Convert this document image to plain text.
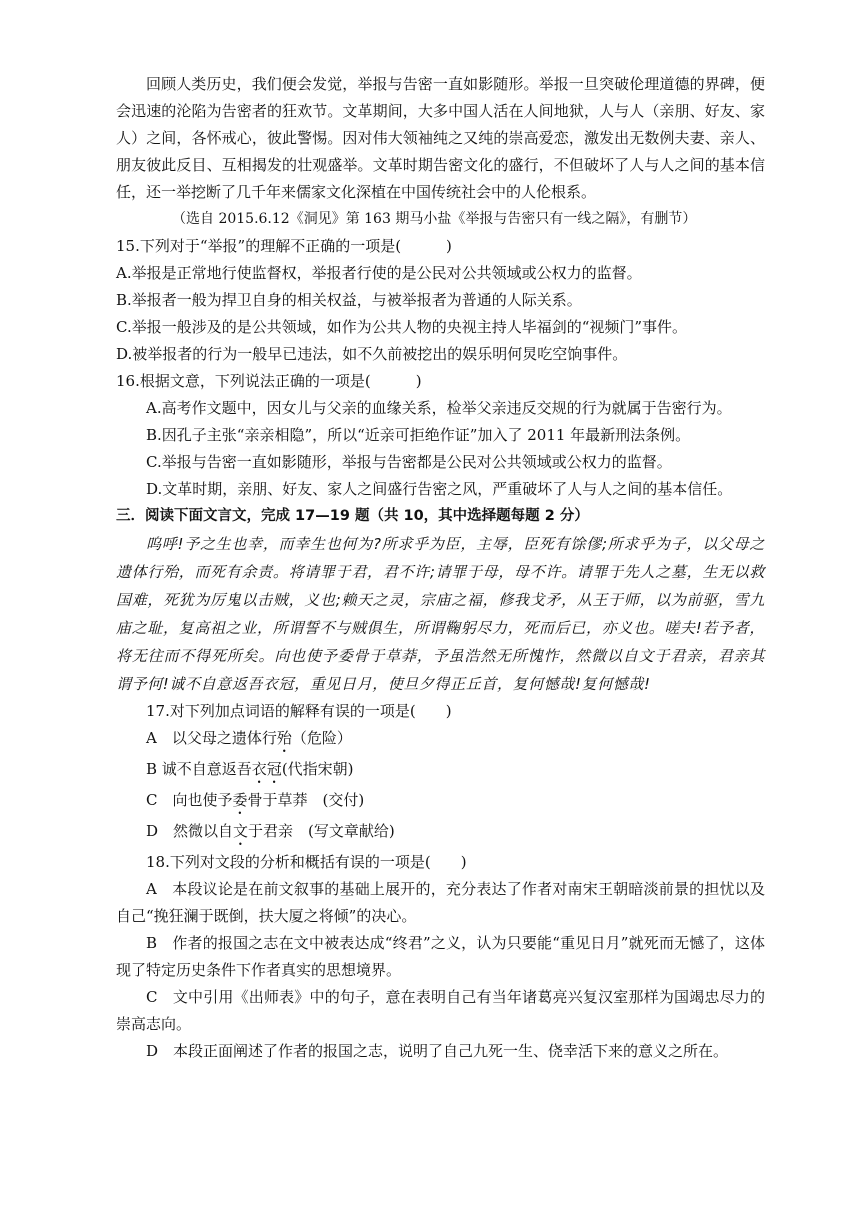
回顾人类历史，我们便会发觉，举报与告密一直如影随形。举报一旦突破伦理道德的界碑，便会迅速的沦陷为告密者的狂欢节。文革期间，大多中国人活在人间地狱，人与人（亲朋、好友、家人）之间，各怀戒心，彼此警惕。因对伟大领袖纯之又纯的崇高爱恋，激发出无数例夫妻、亲人、朋友彼此反目、互相揭发的壮观盛举。文革时期告密文化的盛行，不但破坏了人与人之间的基本信任，还一举挖断了几千年来儒家文化深植在中国传统社会中的人伦根系。

（选自 2015.6.12《洞见》第 163 期马小盐《举报与告密只有一线之隔》，有删节）

15.下列对于“举报”的理解不正确的一项是(　　　)

A.举报是正常地行使监督权，举报者行使的是公民对公共领域或公权力的监督。

B.举报者一般为捍卫自身的相关权益，与被举报者为普通的人际关系。

C.举报一般涉及的是公共领域，如作为公共人物的央视主持人毕福剑的“视频门”事件。

D.被举报者的行为一般早已违法，如不久前被挖出的娱乐明何炅吃空饷事件。

16.根据文意，下列说法正确的一项是(　　　)

A.高考作文题中，因女儿与父亲的血缘关系，检举父亲违反交规的行为就属于告密行为。

B.因孔子主张“亲亲相隐”，所以“近亲可拒绝作证”加入了 2011 年最新刑法条例。

C.举报与告密一直如影随形，举报与告密都是公民对公共领域或公权力的监督。

D.文革时期，亲朋、好友、家人之间盛行告密之风，严重破坏了人与人之间的基本信任。

三．阅读下面文言文，完成 17—19 题（共 10，其中选择题每题 2 分）

呜呼!予之生也幸，而幸生也何为?所求乎为臣，主辱，臣死有馀僇;所求乎为子，以父母之遗体行殆，而死有余责。将请罪于君，君不许;请罪于母，母不许。请罪于先人之墓，生无以救国难，死犹为厉鬼以击贼，义也;赖天之灵，宗庙之福，修我戈矛，从王于师，以为前驱，雪九庙之耻，复高祖之业，所谓誓不与贼俱生，所谓鞠躬尽力，死而后已，亦义也。嗟夫!若予者，将无往而不得死所矣。向也使予委骨于草莽，予虽浩然无所愧怍，然微以自文于君亲，君亲其谓予何!诚不自意返吾衣冠，重见日月，使旦夕得正丘首，复何憾哉!复何憾哉!

17.对下列加点词语的解释有误的一项是(　　)

A　以父母之遗体行殆（危险）

B 诚不自意返吾衣冠(代指宋朝)

C　向也使予委骨于草莽　(交付)

D　然微以自文于君亲　(写文章献给)

18.下列对文段的分析和概括有误的一项是(　　)

A　本段议论是在前文叙事的基础上展开的，充分表达了作者对南宋王朝暗淡前景的担忧以及自己“挽狂澜于既倒，扶大厦之将倾”的决心。

B　作者的报国之志在文中被表达成“终君”之义，认为只要能“重见日月”就死而无憾了，这体现了特定历史条件下作者真实的思想境界。

C　文中引用《出师表》中的句子，意在表明自己有当年诸葛亮兴复汉室那样为国竭忠尽力的崇高志向。

D　本段正面阐述了作者的报国之志，说明了自己九死一生、侥幸活下来的意义之所在。
